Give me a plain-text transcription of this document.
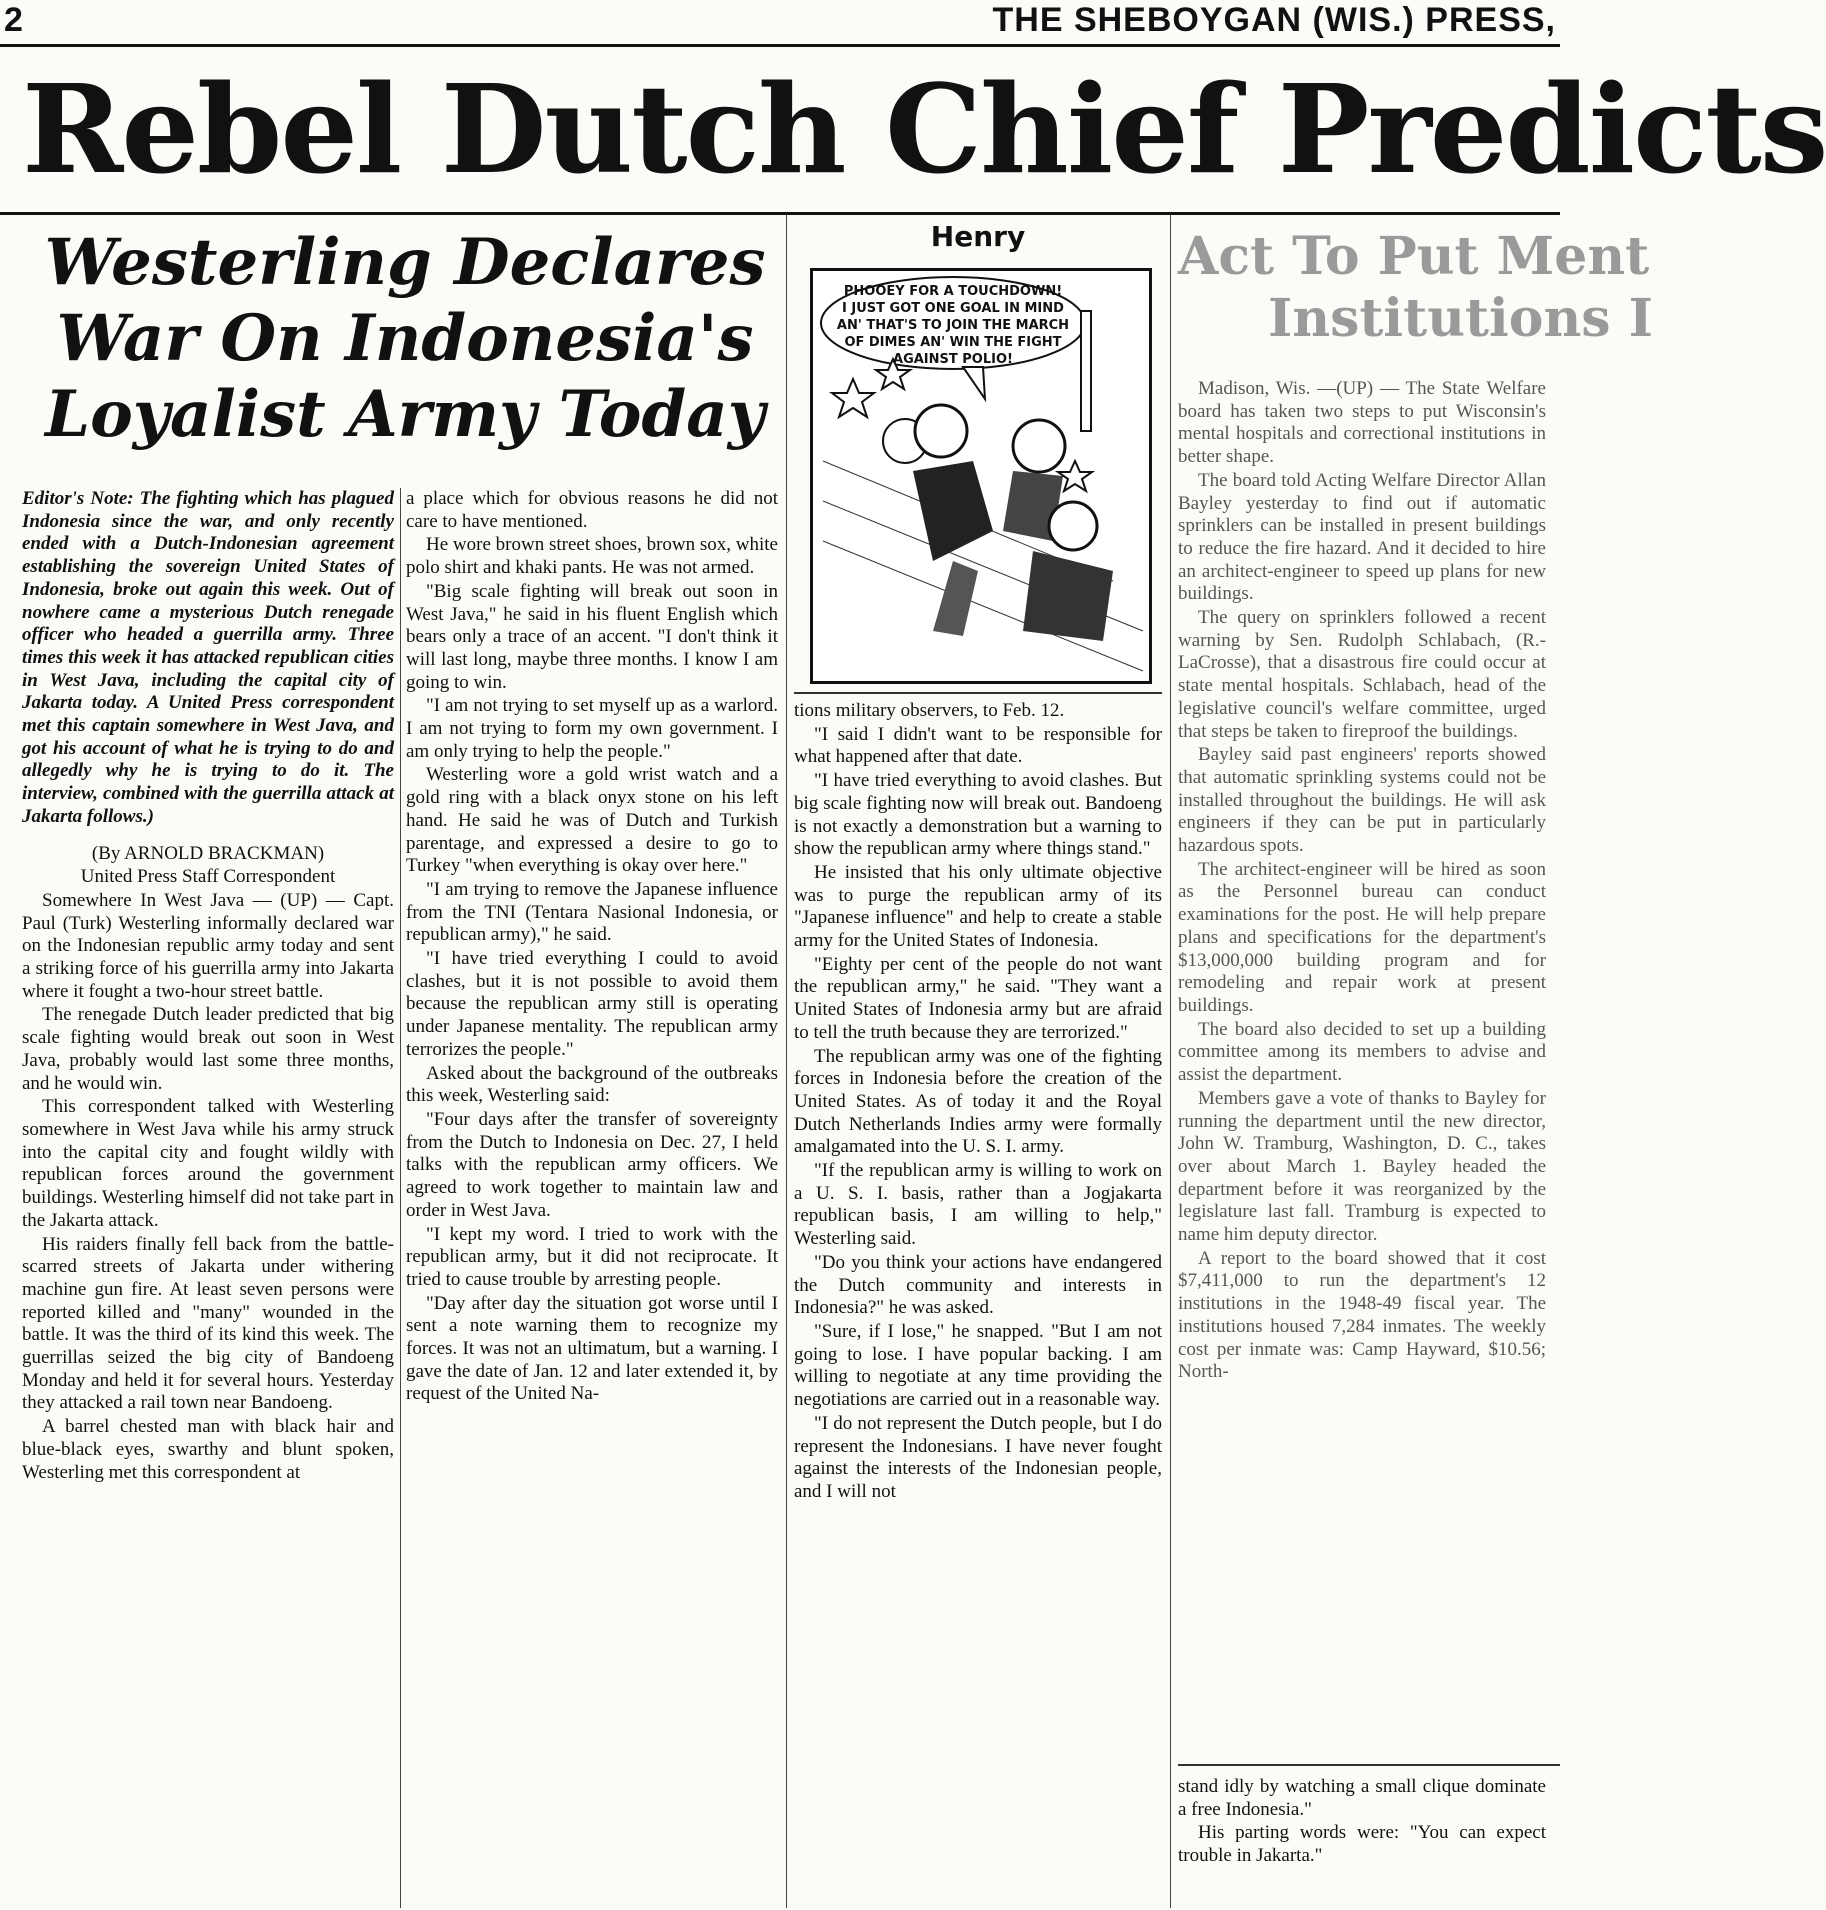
2	THE SHEBOYGAN (WIS.) PRESS,
Rebel Dutch Chief Predicts
Westerling Declares
War On Indonesia's
Loyalist Army Today

Editor's Note: The fighting which has plagued Indonesia since the war, and only recently ended with a Dutch-Indonesian agreement establishing the sovereign United States of Indonesia, broke out again this week. Out of nowhere came a mysterious Dutch renegade officer who headed a guerrilla army. Three times this week it has attacked republican cities in West Java, including the capital city of Jakarta today. A United Press correspondent met this captain somewhere in West Java, and got his account of what he is trying to do and allegedly why he is trying to do it. The interview, combined with the guerrilla attack at Jakarta follows.)

(By ARNOLD BRACKMAN)

United Press Staff Correspondent

Somewhere In West Java — (UP) — Capt. Paul (Turk) Westerling informally declared war on the Indonesian republic army today and sent a striking force of his guerrilla army into Jakarta where it fought a two-hour street battle.

The renegade Dutch leader predicted that big scale fighting would break out soon in West Java, probably would last some three months, and he would win.

This correspondent talked with Westerling somewhere in West Java while his army struck into the capital city and fought wildly with republican forces around the government buildings. Westerling himself did not take part in the Jakarta attack.

His raiders finally fell back from the battle-scarred streets of Jakarta under withering machine gun fire. At least seven persons were reported killed and "many" wounded in the battle. It was the third of its kind this week. The guerrillas seized the big city of Bandoeng Monday and held it for several hours. Yesterday they attacked a rail town near Bandoeng.

A barrel chested man with black hair and blue-black eyes, swarthy and blunt spoken, Westerling met this correspondent at

a place which for obvious reasons he did not care to have mentioned.

He wore brown street shoes, brown sox, white polo shirt and khaki pants. He was not armed.

"Big scale fighting will break out soon in West Java," he said in his fluent English which bears only a trace of an accent. "I don't think it will last long, maybe three months. I know I am going to win.

"I am not trying to set myself up as a warlord. I am not trying to form my own government. I am only trying to help the people."

Westerling wore a gold wrist watch and a gold ring with a black onyx stone on his left hand. He said he was of Dutch and Turkish parentage, and expressed a desire to go to Turkey "when everything is okay over here."

"I am trying to remove the Japanese influence from the TNI (Tentara Nasional Indonesia, or republican army)," he said.

"I have tried everything I could to avoid clashes, but it is not possible to avoid them because the republican army still is operating under Japanese mentality. The republican army terrorizes the people."

Asked about the background of the outbreaks this week, Westerling said:

"Four days after the transfer of sovereignty from the Dutch to Indonesia on Dec. 27, I held talks with the republican army officers. We agreed to work together to maintain law and order in West Java.

"I kept my word. I tried to work with the republican army, but it did not reciprocate. It tried to cause trouble by arresting people.

"Day after day the situation got worse until I sent a note warning them to recognize my forces. It was not an ultimatum, but a warning. I gave the date of Jan. 12 and later extended it, by request of the United Na-

Henry
PHOOEY FOR A TOUCHDOWN!
I JUST GOT ONE GOAL IN MIND
AN' THAT'S TO JOIN THE MARCH
OF DIMES AN' WIN THE FIGHT
AGAINST POLIO!

tions military observers, to Feb. 12.

"I said I didn't want to be responsible for what happened after that date.

"I have tried everything to avoid clashes. But big scale fighting now will break out. Bandoeng is not exactly a demonstration but a warning to show the republican army where things stand."

He insisted that his only ultimate objective was to purge the republican army of its "Japanese influence" and help to create a stable army for the United States of Indonesia.

"Eighty per cent of the people do not want the republican army," he said. "They want a United States of Indonesia army but are afraid to tell the truth because they are terrorized."

The republican army was one of the fighting forces in Indonesia before the creation of the United States. As of today it and the Royal Dutch Netherlands Indies army were formally amalgamated into the U. S. I. army.

"If the republican army is willing to work on a U. S. I. basis, rather than a Jogjakarta republican basis, I am willing to help," Westerling said.

"Do you think your actions have endangered the Dutch community and interests in Indonesia?" he was asked.

"Sure, if I lose," he snapped. "But I am not going to lose. I have popular backing. I am willing to negotiate at any time providing the negotiations are carried out in a reasonable way.

"I do not represent the Dutch people, but I do represent the Indonesians. I have never fought against the interests of the Indonesian people, and I will not

Act To Put Ment
Institutions I

Madison, Wis. —(UP) — The State Welfare board has taken two steps to put Wisconsin's mental hospitals and correctional institutions in better shape.

The board told Acting Welfare Director Allan Bayley yesterday to find out if automatic sprinklers can be installed in present buildings to reduce the fire hazard. And it decided to hire an architect-engineer to speed up plans for new buildings.

The query on sprinklers followed a recent warning by Sen. Rudolph Schlabach, (R.-LaCrosse), that a disastrous fire could occur at state mental hospitals. Schlabach, head of the legislative council's welfare committee, urged that steps be taken to fireproof the buildings.

Bayley said past engineers' reports showed that automatic sprinkling systems could not be installed throughout the buildings. He will ask engineers if they can be put in particularly hazardous spots.

The architect-engineer will be hired as soon as the Personnel bureau can conduct examinations for the post. He will help prepare plans and specifications for the department's $13,000,000 building program and for remodeling and repair work at present buildings.

The board also decided to set up a building committee among its members to advise and assist the department.

Members gave a vote of thanks to Bayley for running the department until the new director, John W. Tramburg, Washington, D. C., takes over about March 1. Bayley headed the department before it was reorganized by the legislature last fall. Tramburg is expected to name him deputy director.

A report to the board showed that it cost $7,411,000 to run the department's 12 institutions in the 1948-49 fiscal year. The institutions housed 7,284 inmates. The weekly cost per inmate was: Camp Hayward, $10.56; North-

stand idly by watching a small clique dominate a free Indonesia."

His parting words were: "You can expect trouble in Jakarta."
